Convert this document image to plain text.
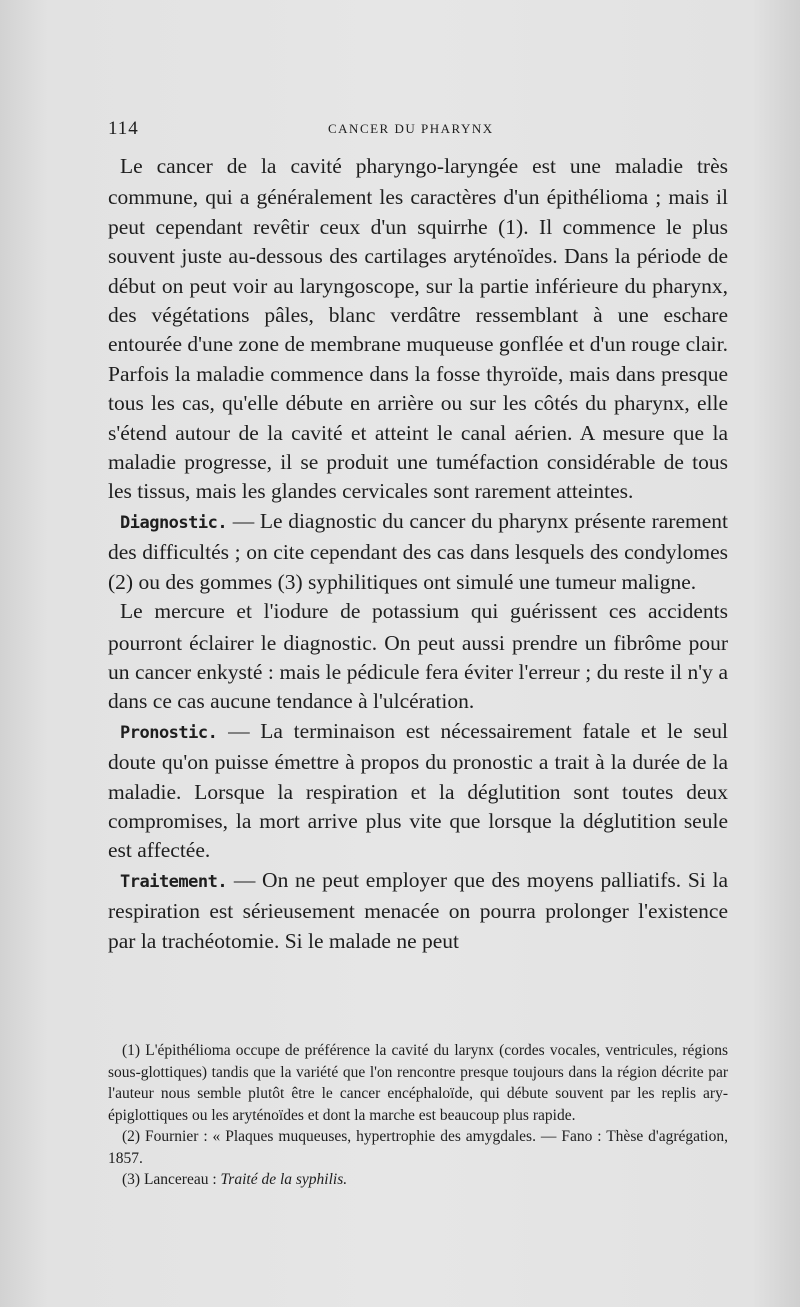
114	CANCER DU PHARYNX

Le cancer de la cavité pharyngo-laryngée est une maladie très commune, qui a généralement les caractères d'un épithélioma ; mais il peut cependant revêtir ceux d'un squirrhe (1). Il commence le plus souvent juste au-dessous des cartilages aryténoïdes. Dans la période de début on peut voir au laryngoscope, sur la partie inférieure du pharynx, des végétations pâles, blanc verdâtre ressemblant à une eschare entourée d'une zone de membrane muqueuse gonflée et d'un rouge clair. Parfois la maladie commence dans la fosse thyroïde, mais dans presque tous les cas, qu'elle débute en arrière ou sur les côtés du pharynx, elle s'étend autour de la cavité et atteint le canal aérien. A mesure que la maladie progresse, il se produit une tuméfaction considérable de tous les tissus, mais les glandes cervicales sont rarement atteintes.

Diagnostic. — Le diagnostic du cancer du pharynx présente rarement des difficultés ; on cite cependant des cas dans lesquels des condylomes (2) ou des gommes (3) syphilitiques ont simulé une tumeur maligne.

Le mercure et l'iodure de potassium qui guérissent ces accidents pourront éclairer le diagnostic. On peut aussi prendre un fibrôme pour un cancer enkysté : mais le pédicule fera éviter l'erreur ; du reste il n'y a dans ce cas aucune tendance à l'ulcération.

Pronostic. — La terminaison est nécessairement fatale et le seul doute qu'on puisse émettre à propos du pronostic a trait à la durée de la maladie. Lorsque la respiration et la déglutition sont toutes deux compromises, la mort arrive plus vite que lorsque la déglutition seule est affectée.

Traitement. — On ne peut employer que des moyens palliatifs. Si la respiration est sérieusement menacée on pourra prolonger l'existence par la trachéotomie. Si le malade ne peut

(1) L'épithélioma occupe de préférence la cavité du larynx (cordes vocales, ventricules, régions sous-glottiques) tandis que la variété que l'on rencontre presque toujours dans la région décrite par l'auteur nous semble plutôt être le cancer encéphaloïde, qui débute souvent par les replis ary-épiglottiques ou les aryténoïdes et dont la marche est beaucoup plus rapide.

(2) Fournier : « Plaques muqueuses, hypertrophie des amygdales. — Fano : Thèse d'agrégation, 1857.

(3) Lancereau : Traité de la syphilis.
